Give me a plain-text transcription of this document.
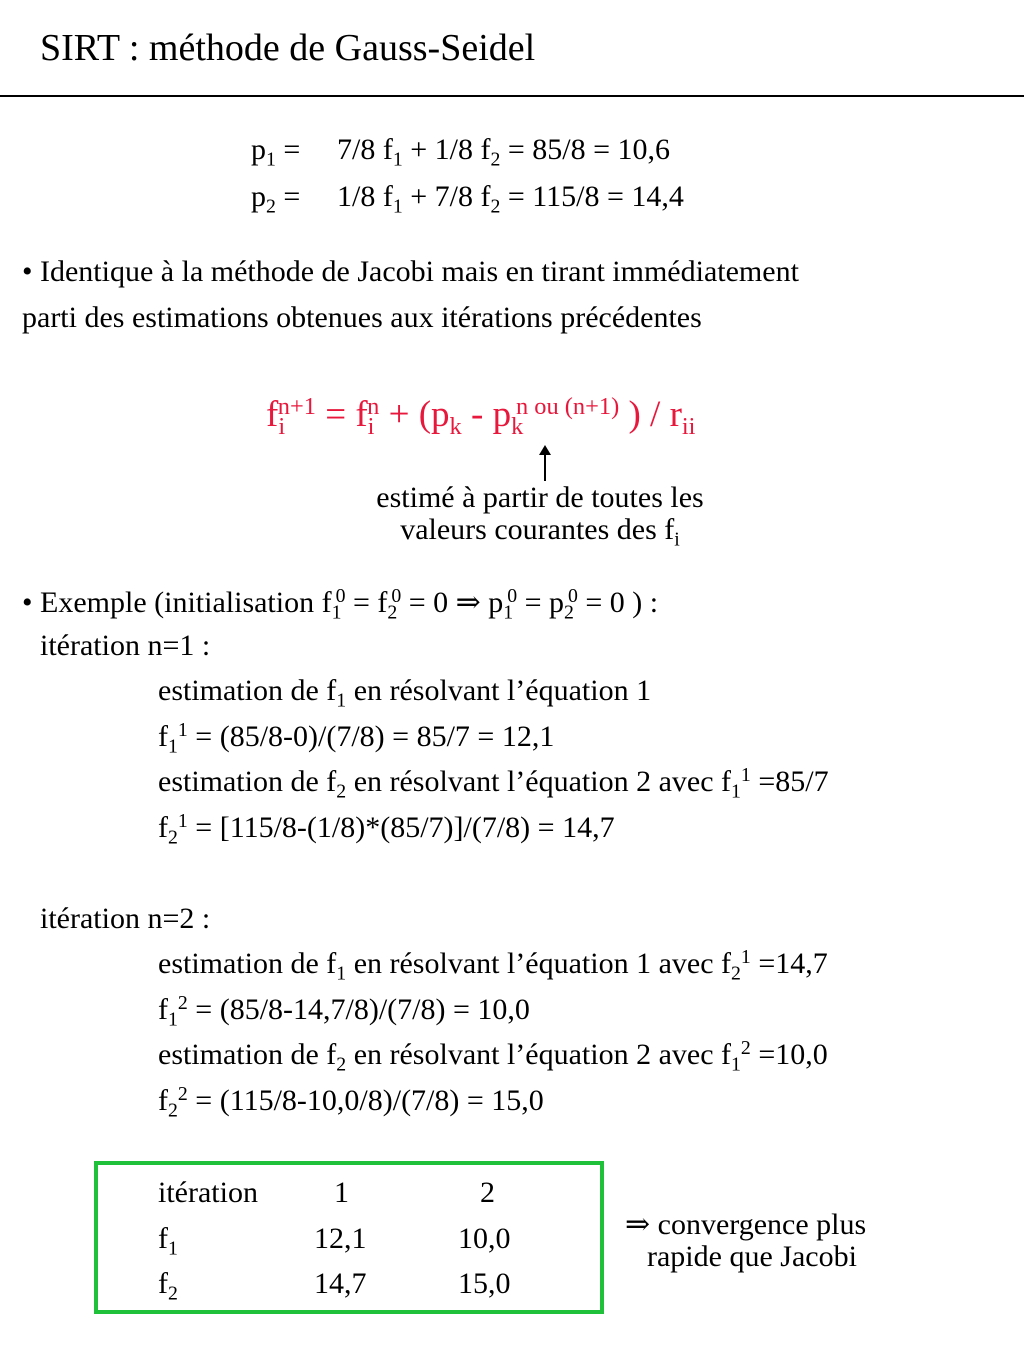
SIRT : méthode de Gauss-Seidel
$p_1 = 7/8$ $f_1 + 1/8$ $f_2 = 85/8 = 10,6$
$p_2 = 1/8$ $f_1 + 7/8$ $f_2 = 115/8 = 14,4$
• Identique à la méthode de Jacobi mais en tirant immédiatement
parti des estimations obtenues aux itérations précédentes
$f_i^{n+1} = f_i^n + (p_k - p_k^{n ou (n+1)}$ ) / $r_{ii}$
estimé à partir de toutes les
valeurs courantes des $f_i$
• Exemple (initialisation $f_1^0 = f_2^0 = 0$ ⇒ $p_1^0 = p_2^0 = 0$ ) :
itération n=1 :
estimation de $f_1$ en résolvant l’équation 1
$f_1^1 = (85/8-0)/(7/8) = 85/7 = 12,1$
estimation de $f_2$ en résolvant l’équation 2 avec $f_1^1 =85/7$
$f_2^1 = [115/8-(1/8)*(85/7)]/(7/8) = 14,7$
itération n=2 :
estimation de $f_1$ en résolvant l’équation 1 avec $f_2^1 =14,7$
$f_1^2 = (85/8-14,7/8)/(7/8) = 10,0$
estimation de $f_2$ en résolvant l’équation 2 avec $f_1^2 =10,0$
$f_2^2 = (115/8-10,0/8)/(7/8) = 15,0$
itération	1	2
$f_1$	12,1	10,0
$f_2$	14,7	15,0
⇒ convergence plus
rapide que Jacobi
